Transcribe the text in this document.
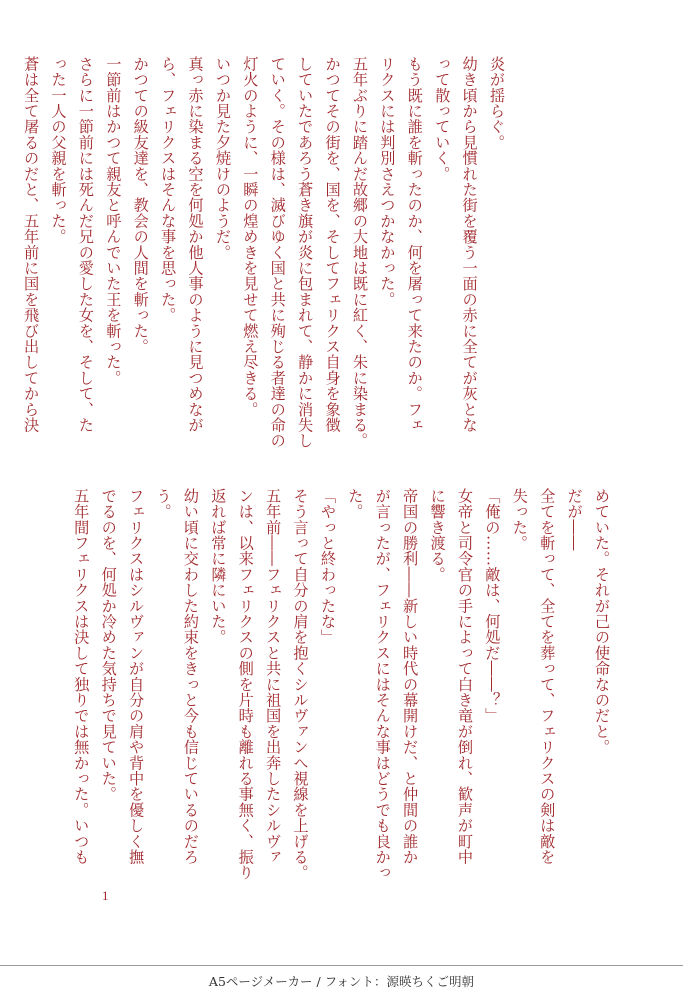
炎が揺らぐ。
幼き頃から見慣れた街を覆う一面の赤に全てが灰とな
って散っていく。
もう既に誰を斬ったのか、何を屠って来たのか。フェ
リクスには判別さえつかなかった。
五年ぶりに踏んだ故郷の大地は既に紅く、朱に染まる。
かつてその街を、国を、そしてフェリクス自身を象徴
していたであろう蒼き旗が炎に包まれて、静かに消失し
ていく。その様は、滅びゆく国と共に殉じる者達の命の
灯火のように、一瞬の煌めきを見せて燃え尽きる。
いつか見た夕焼けのようだ。
真っ赤に染まる空を何処か他人事のように見つめなが
ら、フェリクスはそんな事を思った。
かつての級友達を、教会の人間を斬った。
一節前はかつて親友と呼んでいた王を斬った。
さらに一節前には死んだ兄の愛した女を、そして、た
った一人の父親を斬った。
蒼は全て屠るのだと、五年前に国を飛び出してから決
めていた。それが己の使命なのだと。
だが――
全てを斬って、全てを葬って、フェリクスの剣は敵を
失った。
「俺の……敵は、何処だ――？」
女帝と司令官の手によって白き竜が倒れ、歓声が町中
に響き渡る。
帝国の勝利――新しい時代の幕開けだ、と仲間の誰か
が言ったが、フェリクスにはそんな事はどうでも良かっ
た。
「やっと終わったな」
そう言って自分の肩を抱くシルヴァンへ視線を上げる。
五年前――フェリクスと共に祖国を出奔したシルヴァ
ンは、以来フェリクスの側を片時も離れる事無く、振り
返れば常に隣にいた。
幼い頃に交わした約束をきっと今も信じているのだろ
う。
フェリクスはシルヴァンが自分の肩や背中を優しく撫
でるのを、何処か冷めた気持ちで見ていた。
五年間フェリクスは決して独りでは無かった。いつも
1
A5ページメーカー / フォント：源暎ちくご明朝
